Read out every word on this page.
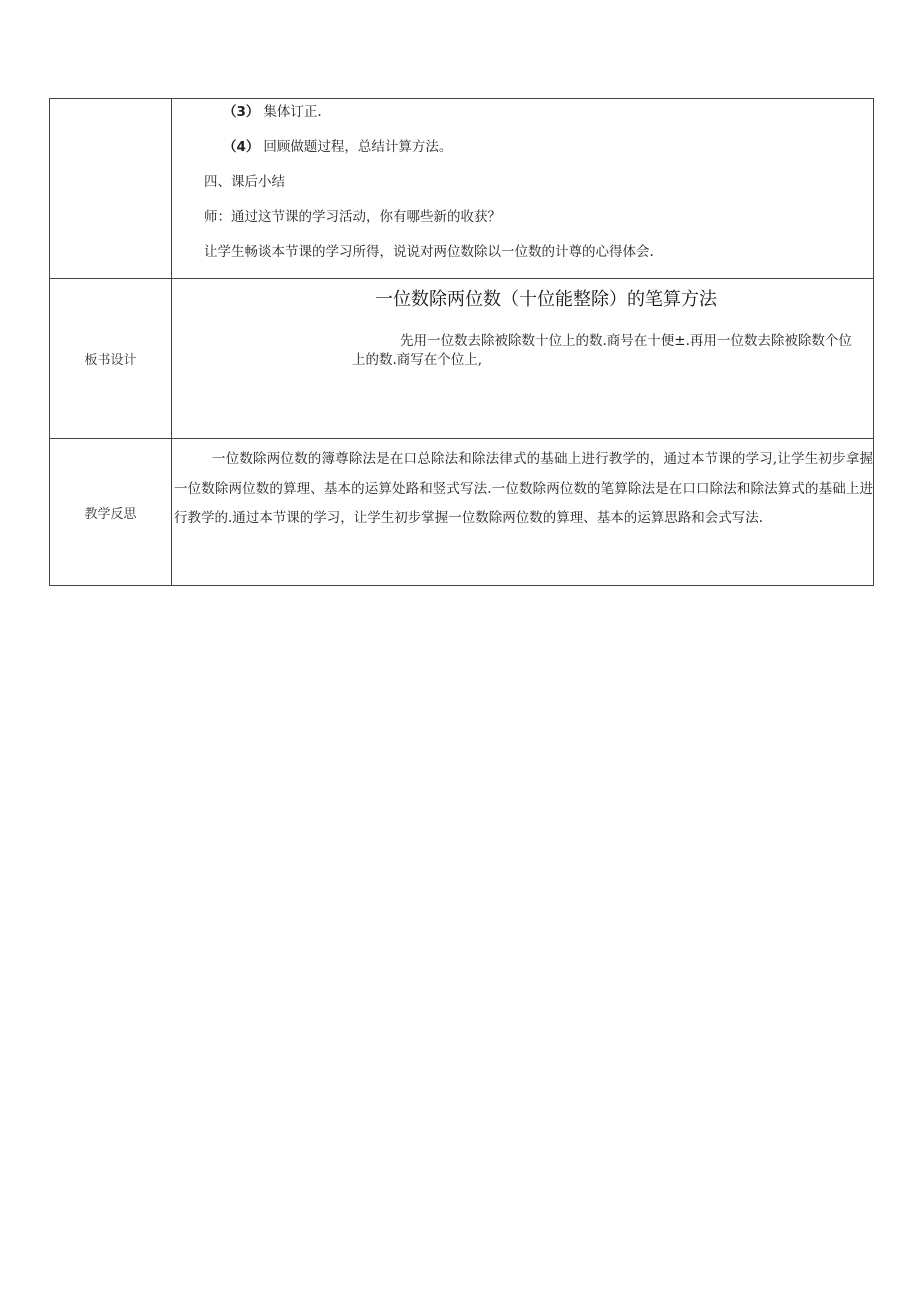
	（3） 集体订正.

（4） 回顾做题过程，总结计算方法。

四、课后小结

师：通过这节课的学习活动，你有哪些新的收获？

让学生畅谈本节课的学习所得，说说对两位数除以一位数的计尊的心得体会.

板书设计	一位数除两位数（十位能整除）的笔算方法

先用一位数去除被除数十位上的数.商号在十便±.再用一位数去除被除数个位上的数.商写在个位上,

教学反思	一位数除两位数的簿尊除法是在口总除法和除法律式的基础上进行教学的，通过本节课的学习,让学生初步拿握一位数除两位数的算理、基本的运算处路和竖式写法.一位数除两位数的笔算除法是在口口除法和除法算式的基础上进行教学的.通过本节课的学习，让学生初步掌握一位数除两位数的算理、基本的运算思路和会式写法.
